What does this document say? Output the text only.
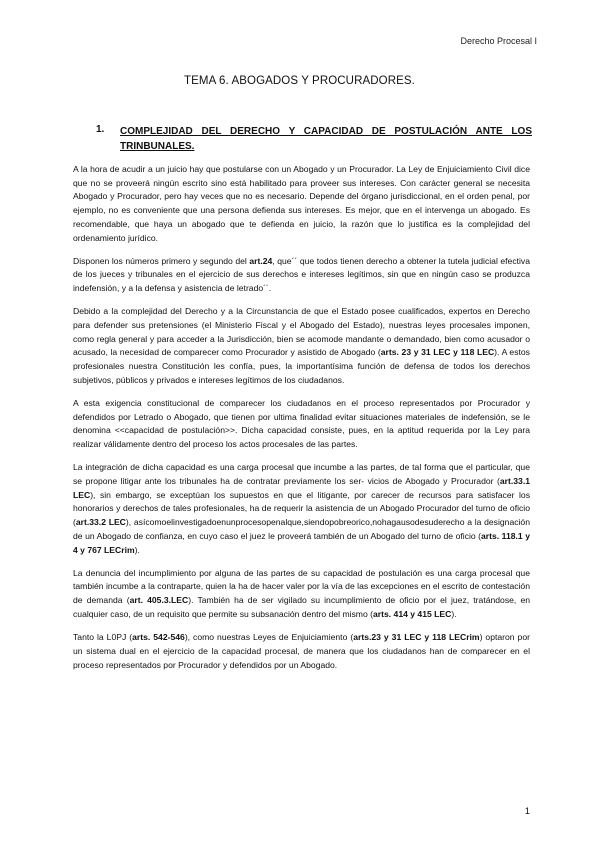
Derecho Procesal I
TEMA 6. ABOGADOS Y PROCURADORES.
1.	COMPLEJIDAD DEL DERECHO Y CAPACIDAD DE POSTULACIÓN ANTE LOS TRINBUNALES.

A la hora de acudir a un juicio hay que postularse con un Abogado y un Procurador. La Ley de Enjuiciamiento Civil dice que no se proveerá ningún escrito sino está habilitado para proveer sus intereses. Con carácter general se necesita Abogado y Procurador, pero hay veces que no es necesario. Depende del órgano jurisdiccional, en el orden penal, por ejemplo, no es conveniente que una persona defienda sus intereses. Es mejor, que en el intervenga un abogado. Es recomendable, que haya un abogado que te defienda en juicio, la razón que lo justifica es la complejidad del ordenamiento jurídico.

Disponen los números primero y segundo del art.24, que´´ que todos tienen derecho a obtener la tutela judicial efectiva de los jueces y tribunales en el ejercicio de sus derechos e intereses legítimos, sin que en ningún caso se produzca indefensión, y a la defensa y asistencia de letrado´´.

Debido a la complejidad del Derecho y a la Circunstancia de que el Estado posee cualificados, expertos en Derecho para defender sus pretensiones (el Ministerio Fiscal y el Abogado del Estado), nuestras leyes procesales imponen, como regla general y para acceder a la Jurisdicción, bien se acomode mandante o demandado, bien como acusador o acusado, la necesidad de comparecer como Procurador y asistido de Abogado (arts. 23 y 31 LEC y 118 LEC). A estos profesionales nuestra Constitución les confía, pues, la importantísima función de defensa de todos los derechos subjetivos, públicos y privados e intereses legítimos de los ciudadanos.

A esta exigencia constitucional de comparecer los ciudadanos en el proceso representados por Procurador y defendidos por Letrado o Abogado, que tienen por ultima finalidad evitar situaciones materiales de indefensión, se le denomina <<capacidad de postulación>>. Dicha capacidad consiste, pues, en la aptitud requerida por la Ley para realizar válidamente dentro del proceso los actos procesales de las partes.

La integración de dicha capacidad es una carga procesal que incumbe a las partes, de tal forma que el particular, que se propone litigar ante los tribunales ha de contratar previamente los ser- vicios de Abogado y Procurador (art.33.1 LEC), sin embargo, se exceptúan los supuestos en que el litigante, por carecer de recursos para satisfacer los honorarios y derechos de tales profesionales, ha de requerir la asistencia de un Abogado Procurador del turno de oficio (art.33.2 LEC), asícomoelinvestigadoenunprocesopenalque,siendopobreorico,nohagausodesuderecho a la designación de un Abogado de confianza, en cuyo caso el juez le proveerá también de un Abogado del turno de oficio (arts. 118.1 y 4 y 767 LECrim).

La denuncia del incumplimiento por alguna de las partes de su capacidad de postulación es una carga procesal que también incumbe a la contraparte, quien la ha de hacer valer por la vía de las excepciones en el escrito de contestación de demanda (art. 405.3.LEC). También ha de ser vigilado su incumplimiento de oficio por el juez, tratándose, en cualquier caso, de un requisito que permite su subsanación dentro del mismo (arts. 414 y 415 LEC).

Tanto la L0PJ (arts. 542-546), como nuestras Leyes de Enjuiciamiento (arts.23 y 31 LEC y 118 LECrim) optaron por un sistema dual en el ejercicio de la capacidad procesal, de manera que los ciudadanos han de comparecer en el proceso representados por Procurador y defendidos por un Abogado.

1
